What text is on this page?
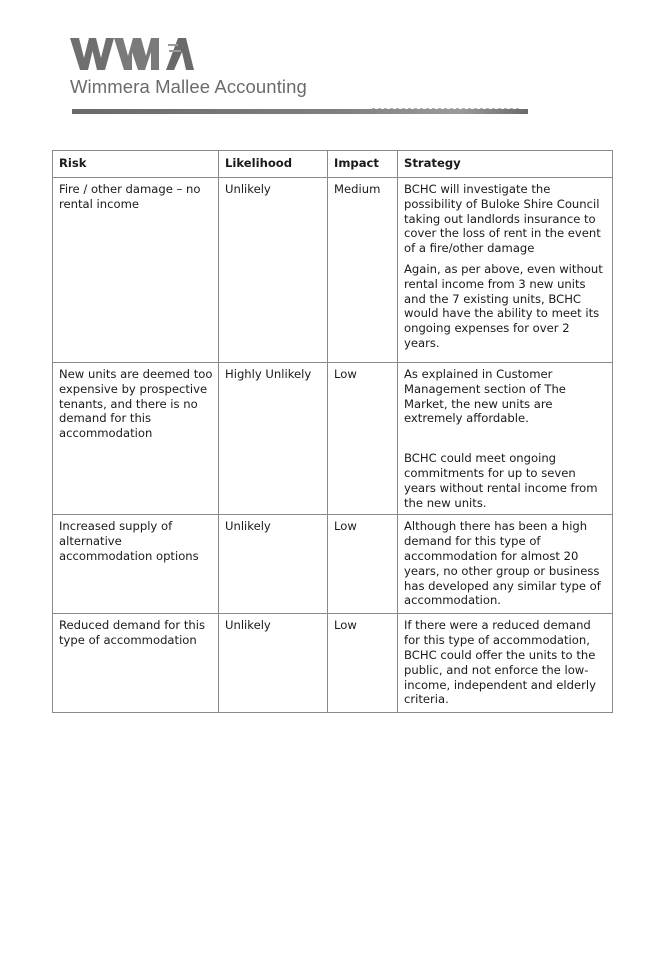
Wimmera Mallee Accounting
Risk	Likelihood	Impact	Strategy
Fire / other damage – no rental income	Unlikely	Medium	BCHC will investigate the possibility of Buloke Shire Council taking out landlords insurance to cover the loss of rent in the event of a fire/other damage
Again, as per above, even without rental income from 3 new units and the 7 existing units, BCHC would have the ability to meet its ongoing expenses for over 2 years.

New units are deemed too expensive by prospective tenants, and there is no demand for this accommodation	Highly Unlikely	Low	As explained in Customer Management section of The Market, the new units are extremely affordable.
BCHC could meet ongoing commitments for up to seven years without rental income from the new units.

Increased supply of alternative accommodation options	Unlikely	Low	Although there has been a high demand for this type of accommodation for almost 20 years, no other group or business has developed any similar type of accommodation.

Reduced demand for this type of accommodation	Unlikely	Low	If there were a reduced demand for this type of accommodation, BCHC could offer the units to the public, and not enforce the low-income, independent and elderly criteria.
